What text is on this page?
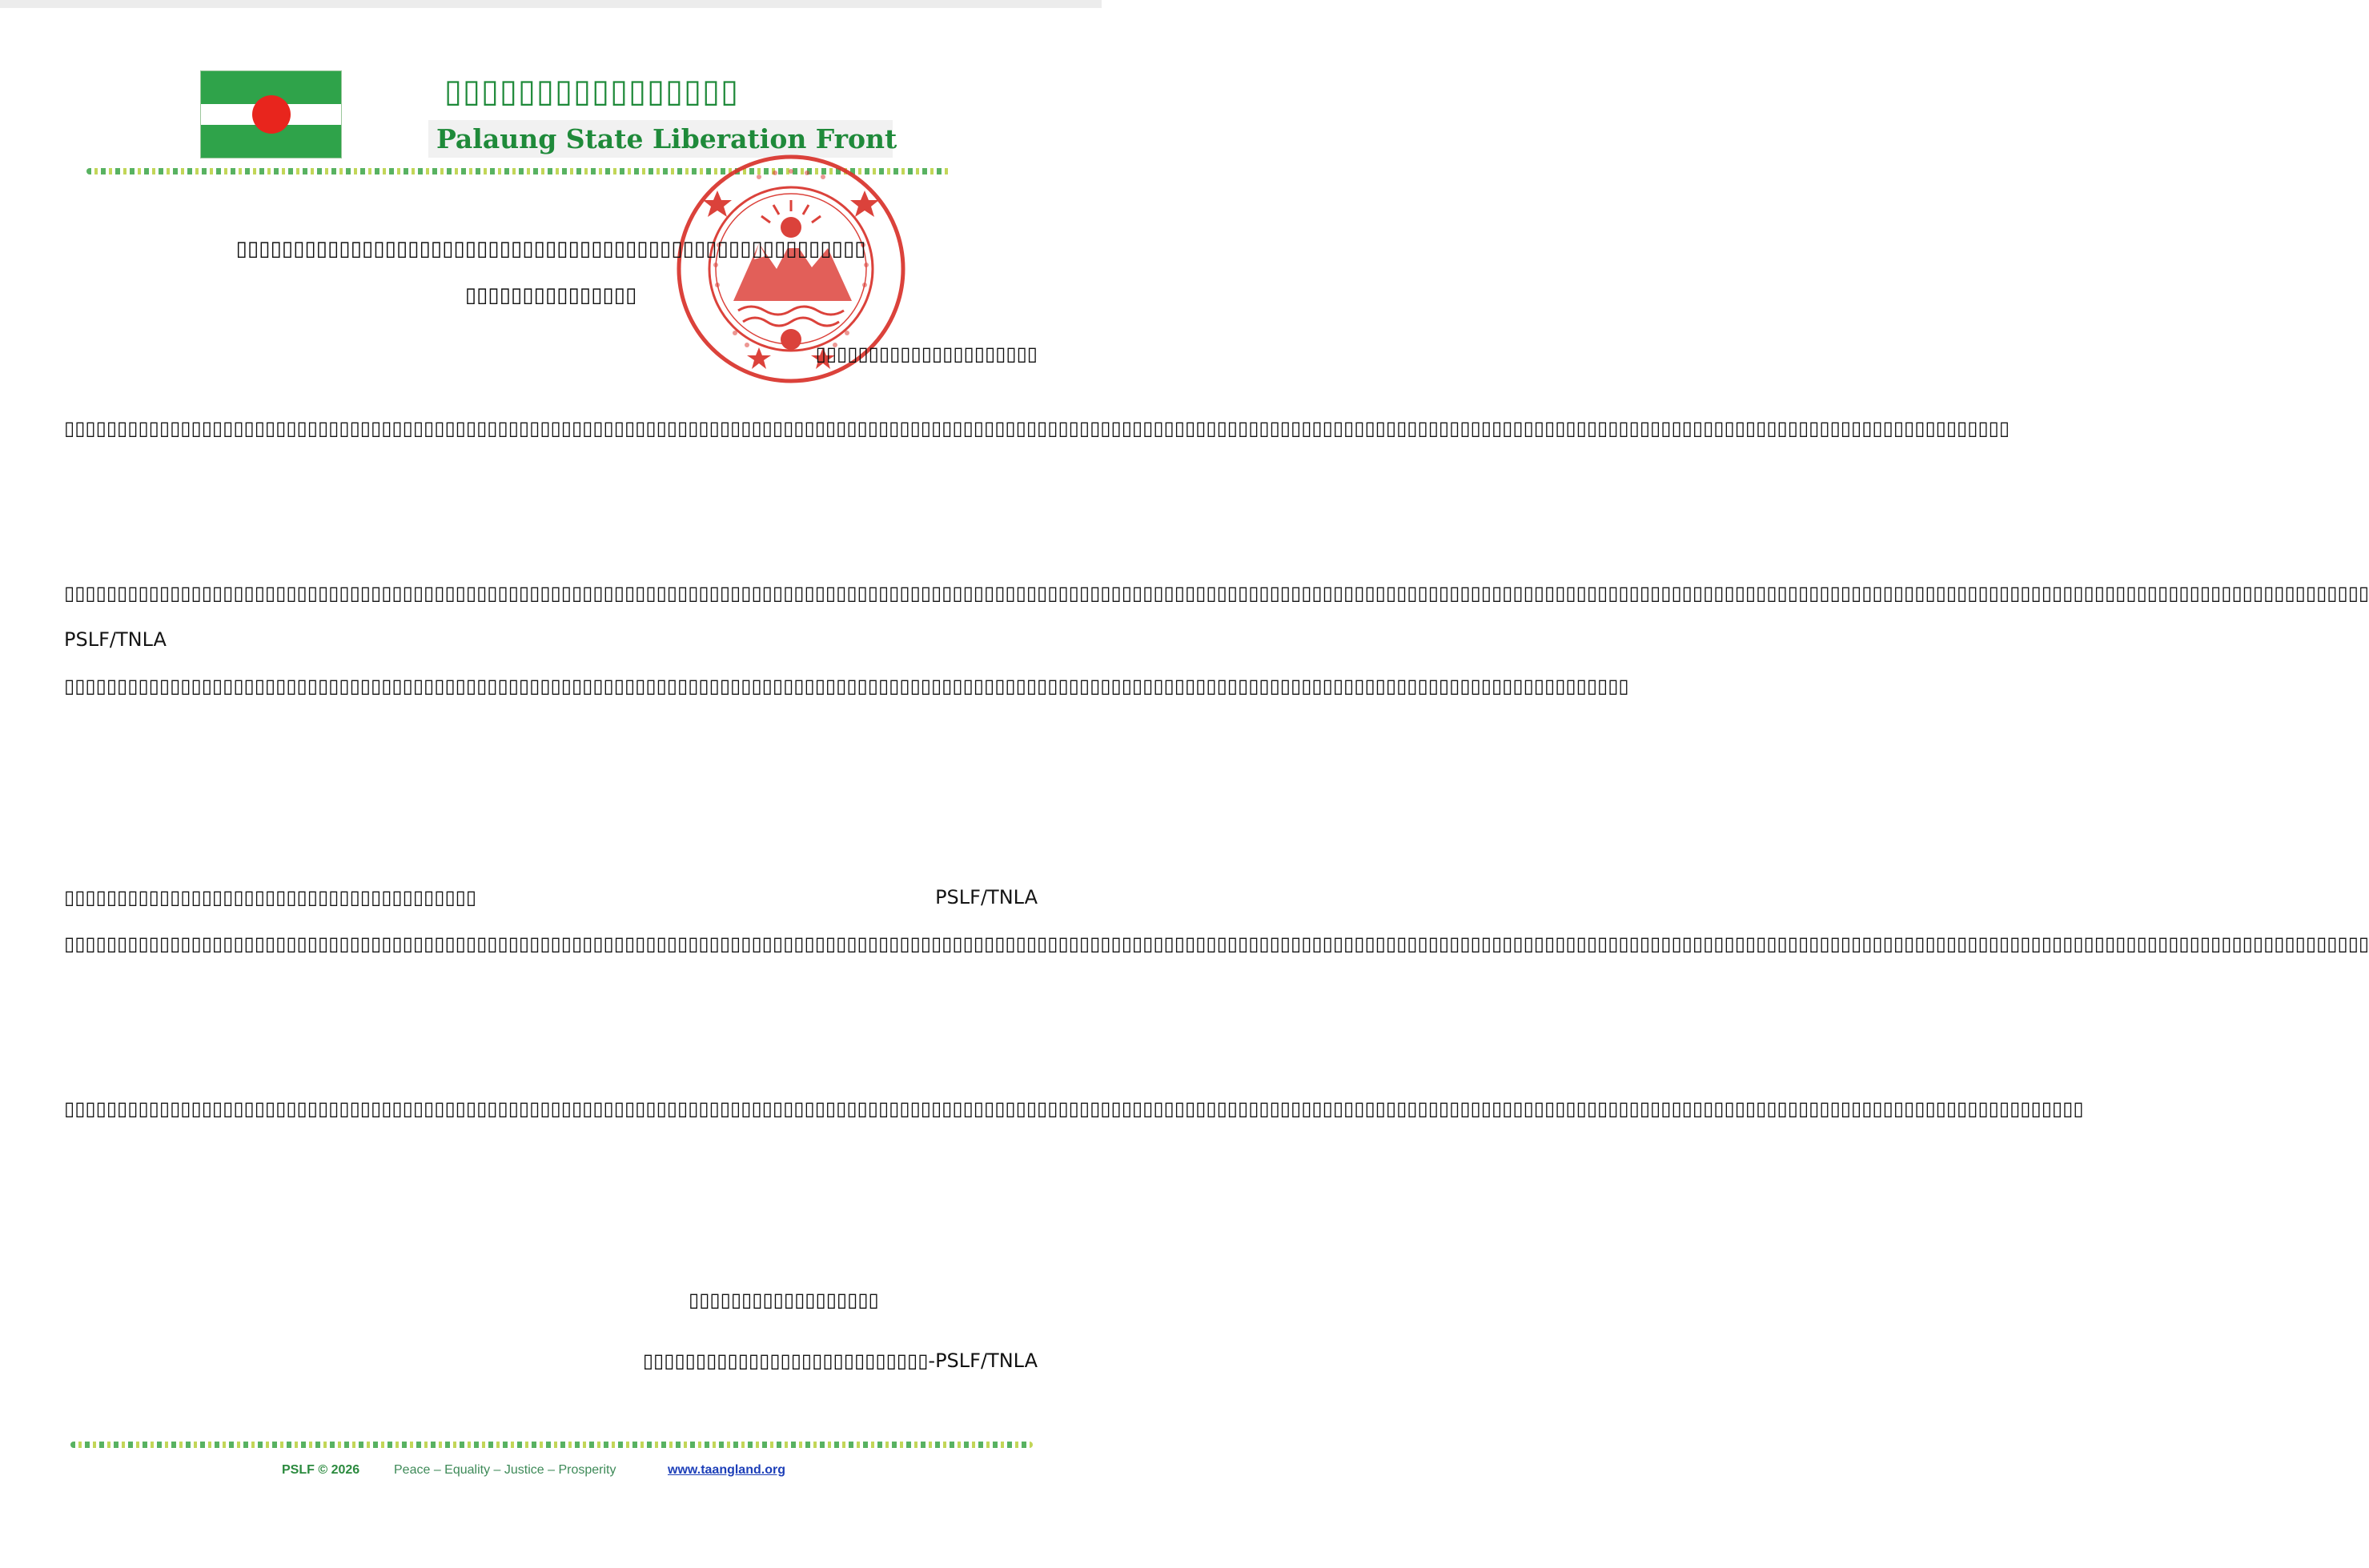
▯▯▯▯▯▯▯▯▯▯▯▯▯▯▯▯
Palaung State Liberation Front
▯▯▯▯▯▯▯▯▯▯▯▯▯▯▯▯▯▯▯▯▯▯▯▯▯▯▯▯▯▯▯▯▯▯▯▯▯▯▯▯▯▯▯▯▯▯▯▯▯▯▯▯▯▯▯
▯▯▯▯▯▯▯▯▯▯▯▯▯▯▯
▯▯▯▯▯▯▯▯▯▯▯▯▯▯▯▯▯▯▯▯▯
▯▯▯▯▯▯▯▯▯▯▯▯▯▯▯▯▯▯▯▯▯▯▯▯▯▯▯▯▯▯▯▯▯▯▯▯▯▯▯▯▯▯▯▯▯▯▯▯▯▯▯▯▯▯▯▯▯▯▯▯▯▯▯▯▯▯▯▯▯▯▯▯▯▯▯▯▯▯▯▯▯▯▯▯▯▯▯▯▯▯▯▯▯▯▯▯▯▯▯▯▯▯▯▯▯▯▯▯▯▯▯▯▯▯▯▯▯▯▯▯▯▯▯▯▯▯▯▯▯▯▯▯▯▯▯▯▯▯▯▯▯▯▯▯▯▯▯▯▯▯▯▯▯▯▯▯▯▯▯▯▯▯▯▯▯▯▯▯▯▯▯▯▯▯▯▯▯▯▯▯▯▯▯▯
▯▯▯▯▯▯▯▯▯▯▯▯▯▯▯▯▯▯▯▯▯▯▯▯▯▯▯▯▯▯▯▯▯▯▯▯▯▯▯▯▯▯▯▯▯▯▯▯▯▯▯▯▯▯▯▯▯▯▯▯▯▯▯▯▯▯▯▯▯▯▯▯▯▯▯▯▯▯▯▯▯▯▯▯▯▯▯▯▯▯▯▯▯▯▯▯▯▯▯▯▯▯▯▯▯▯▯▯▯▯▯▯▯▯▯▯▯▯▯▯▯▯▯▯▯▯▯▯▯▯▯▯▯▯▯▯▯▯▯▯▯▯▯▯▯▯▯▯▯▯▯▯▯▯▯▯▯▯▯▯▯▯▯▯▯▯▯▯▯▯▯▯▯▯▯▯▯▯▯▯▯▯▯▯▯▯▯▯▯▯▯▯▯▯▯▯▯▯▯▯▯▯▯▯▯▯▯▯▯▯▯▯▯▯▯▯▯▯ PSLF/TNLA ▯▯▯▯▯▯▯▯▯▯▯▯▯▯▯▯▯▯▯▯▯▯▯▯▯▯▯▯▯▯▯▯▯▯▯▯▯▯▯▯▯▯▯▯▯▯▯▯▯▯▯▯▯▯▯▯▯▯▯▯▯▯▯▯▯▯▯▯▯▯▯▯▯▯▯▯▯▯▯▯▯▯▯▯▯▯▯▯▯▯▯▯▯▯▯▯▯▯▯▯▯▯▯▯▯▯▯▯▯▯▯▯▯▯▯▯▯▯▯▯▯▯▯▯▯▯▯▯▯▯▯▯▯▯▯▯▯▯▯▯▯▯▯▯▯▯▯▯
▯▯▯▯▯▯▯▯▯▯▯▯▯▯▯▯▯▯▯▯▯▯▯▯▯▯▯▯▯▯▯▯▯▯▯▯▯▯▯ PSLF/TNLA ▯▯▯▯▯▯▯▯▯▯▯▯▯▯▯▯▯▯▯▯▯▯▯▯▯▯▯▯▯▯▯▯▯▯▯▯▯▯▯▯▯▯▯▯▯▯▯▯▯▯▯▯▯▯▯▯▯▯▯▯▯▯▯▯▯▯▯▯▯▯▯▯▯▯▯▯▯▯▯▯▯▯▯▯▯▯▯▯▯▯▯▯▯▯▯▯▯▯▯▯▯▯▯▯▯▯▯▯▯▯▯▯▯▯▯▯▯▯▯▯▯▯▯▯▯▯▯▯▯▯▯▯▯▯▯▯▯▯▯▯▯▯▯▯▯▯▯▯▯▯▯▯▯▯▯▯▯▯▯▯▯▯▯▯▯▯▯▯▯▯▯▯▯▯▯▯▯▯▯▯▯▯▯▯▯▯▯▯▯▯▯▯▯▯▯▯▯▯▯▯▯▯▯▯▯▯▯▯▯▯▯▯▯▯▯▯▯▯
▯▯▯▯▯▯▯▯▯▯▯▯▯▯▯▯▯▯▯▯▯▯▯▯▯▯▯▯▯▯▯▯▯▯▯▯▯▯▯▯▯▯▯▯▯▯▯▯▯▯▯▯▯▯▯▯▯▯▯▯▯▯▯▯▯▯▯▯▯▯▯▯▯▯▯▯▯▯▯▯▯▯▯▯▯▯▯▯▯▯▯▯▯▯▯▯▯▯▯▯▯▯▯▯▯▯▯▯▯▯▯▯▯▯▯▯▯▯▯▯▯▯▯▯▯▯▯▯▯▯▯▯▯▯▯▯▯▯▯▯▯▯▯▯▯▯▯▯▯▯▯▯▯▯▯▯▯▯▯▯▯▯▯▯▯▯▯▯▯▯▯▯▯▯▯▯▯▯▯▯▯▯▯▯▯▯▯▯▯▯▯
▯▯▯▯▯▯▯▯▯▯▯▯▯▯▯▯▯▯
▯▯▯▯▯▯▯▯▯▯▯▯▯▯▯▯▯▯▯▯▯▯▯▯▯▯▯-PSLF/TNLA
PSLF © 2026	Peace – Equality – Justice – Prosperity	www.taangland.org
